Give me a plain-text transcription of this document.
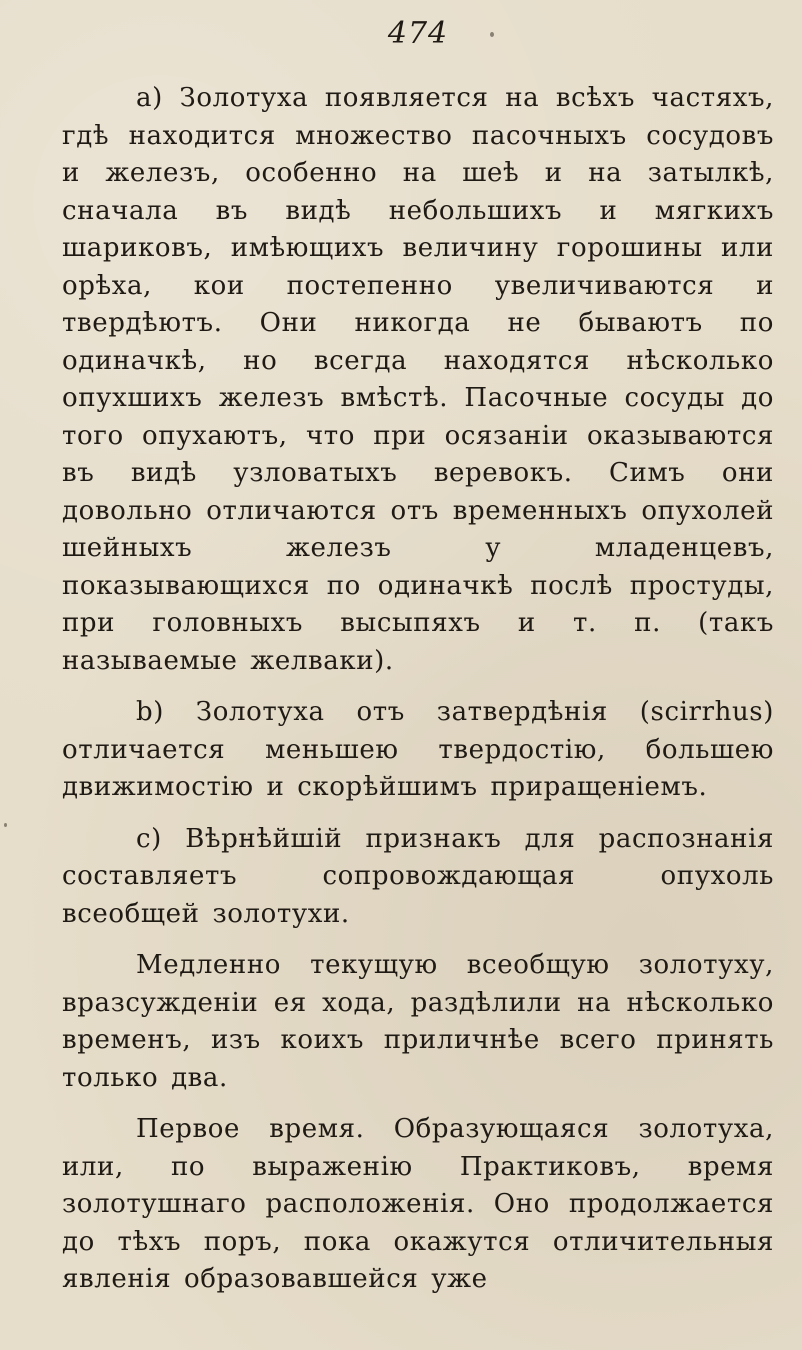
474

а) Золотуха появляется на всѣхъ частяхъ, гдѣ находится множество пасочныхъ сосудовъ и железъ, особенно на шеѣ и на затылкѣ, сначала въ видѣ небольшихъ и мягкихъ шариковъ, имѣющихъ величину горошины или орѣха, кои постепенно увеличиваются и твердѣютъ. Они никогда не бываютъ по одиначкѣ, но всегда находятся нѣсколько опухшихъ железъ вмѣстѣ. Пасочные сосуды до того опухаютъ, что при осязаніи оказываются въ видѣ узловатыхъ веревокъ. Симъ они довольно отличаются отъ временныхъ опухолей шейныхъ железъ у младенцевъ, показывающихся по одиначкѣ послѣ простуды, при головныхъ высыпяхъ и т. п. (такъ называемые желваки).

b) Золотуха отъ затвердѣнія (scirrhus) отличается меньшею твердостію, большею движимостію и скорѣйшимъ приращеніемъ.

c) Вѣрнѣйшій признакъ для распознанія составляетъ сопровождающая опухоль всеобщей золотухи.

Медленно текущую всеобщую золотуху, вразсужденіи ея хода, раздѣлили на нѣсколько временъ, изъ коихъ приличнѣе всего принять только два.

Первое время. Образующаяся золотуха, или, по выраженію Практиковъ, время золотушнаго расположенія. Оно продолжается до тѣхъ поръ, пока окажутся отличительныя явленія образовавшейся уже
